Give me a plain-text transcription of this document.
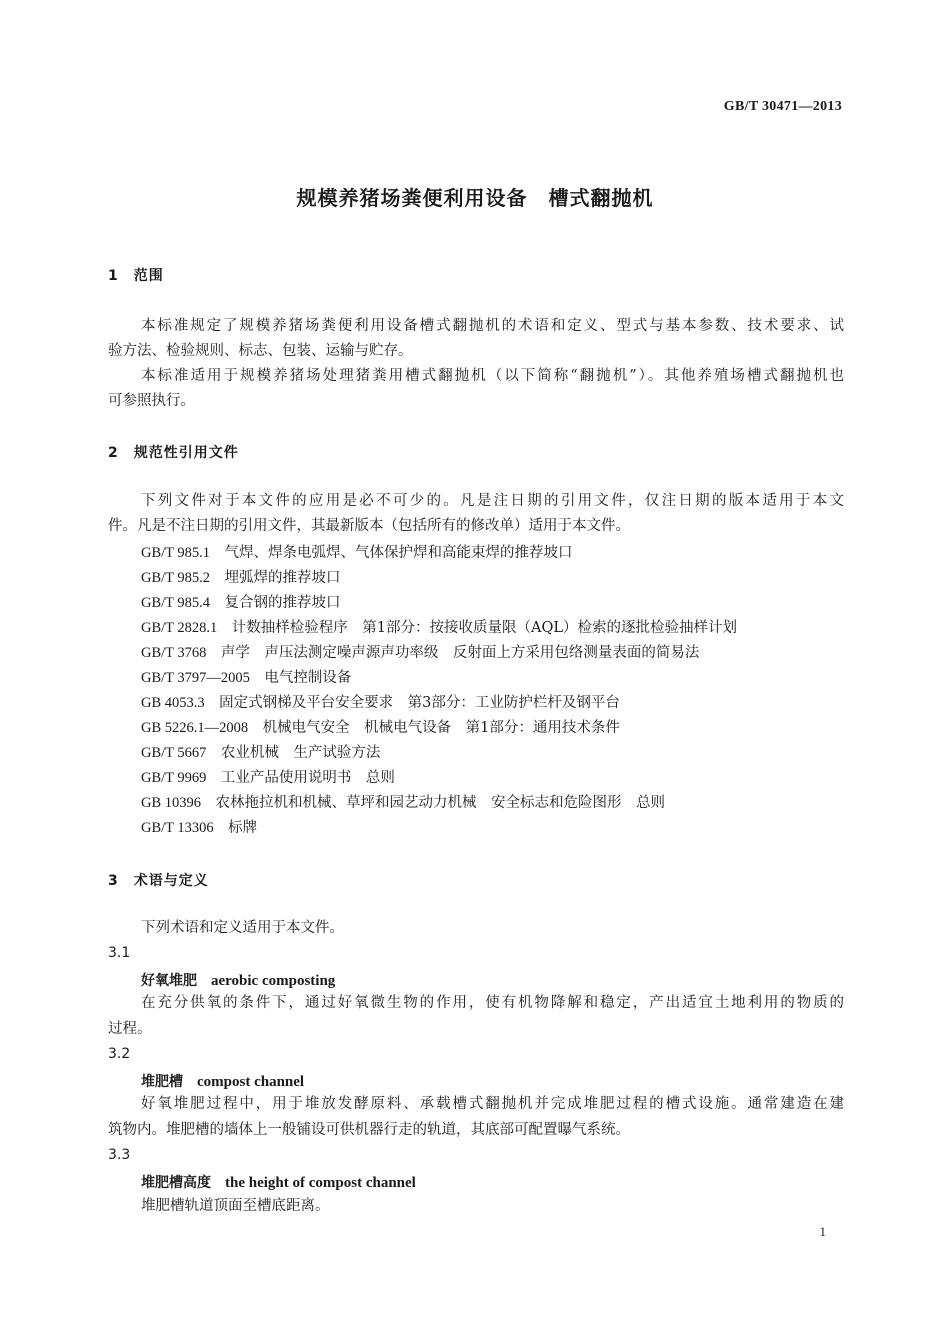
GB/T 30471—2013
规模养猪场粪便利用设备　槽式翻抛机
1　范围
本标准规定了规模养猪场粪便利用设备槽式翻抛机的术语和定义、型式与基本参数、技术要求、试
验方法、检验规则、标志、包装、运输与贮存。
本标准适用于规模养猪场处理猪粪用槽式翻抛机（以下简称“翻抛机”）。其他养殖场槽式翻抛机也
可参照执行。
2　规范性引用文件
下列文件对于本文件的应用是必不可少的。凡是注日期的引用文件，仅注日期的版本适用于本文
件。凡是不注日期的引用文件，其最新版本（包括所有的修改单）适用于本文件。
GB/T 985.1　 气焊、焊条电弧焊、气体保护焊和高能束焊的推荐坡口
GB/T 985.2　 埋弧焊的推荐坡口
GB/T 985.4　 复合钢的推荐坡口
GB/T 2828.1　 计数抽样检验程序　第1部分：按接收质量限（AQL）检索的逐批检验抽样计划
GB/T 3768　 声学　声压法测定噪声源声功率级　反射面上方采用包络测量表面的简易法
GB/T 3797—2005　 电气控制设备
GB 4053.3　 固定式钢梯及平台安全要求　第3部分：工业防护栏杆及钢平台
GB 5226.1—2008　 机械电气安全　机械电气设备　第1部分：通用技术条件
GB/T 5667　 农业机械　生产试验方法
GB/T 9969　 工业产品使用说明书　总则
GB 10396　 农林拖拉机和机械、草坪和园艺动力机械　安全标志和危险图形　总则
GB/T 13306　 标牌
3　术语与定义
下列术语和定义适用于本文件。
3.1
好氧堆肥　 aerobic composting
在充分供氧的条件下，通过好氧微生物的作用，使有机物降解和稳定，产出适宜土地利用的物质的
过程。
3.2
堆肥槽　 compost channel
好氧堆肥过程中，用于堆放发酵原料、承载槽式翻抛机并完成堆肥过程的槽式设施。通常建造在建
筑物内。堆肥槽的墙体上一般铺设可供机器行走的轨道，其底部可配置曝气系统。
3.3
堆肥槽高度　 the height of compost channel
堆肥槽轨道顶面至槽底距离。
1
